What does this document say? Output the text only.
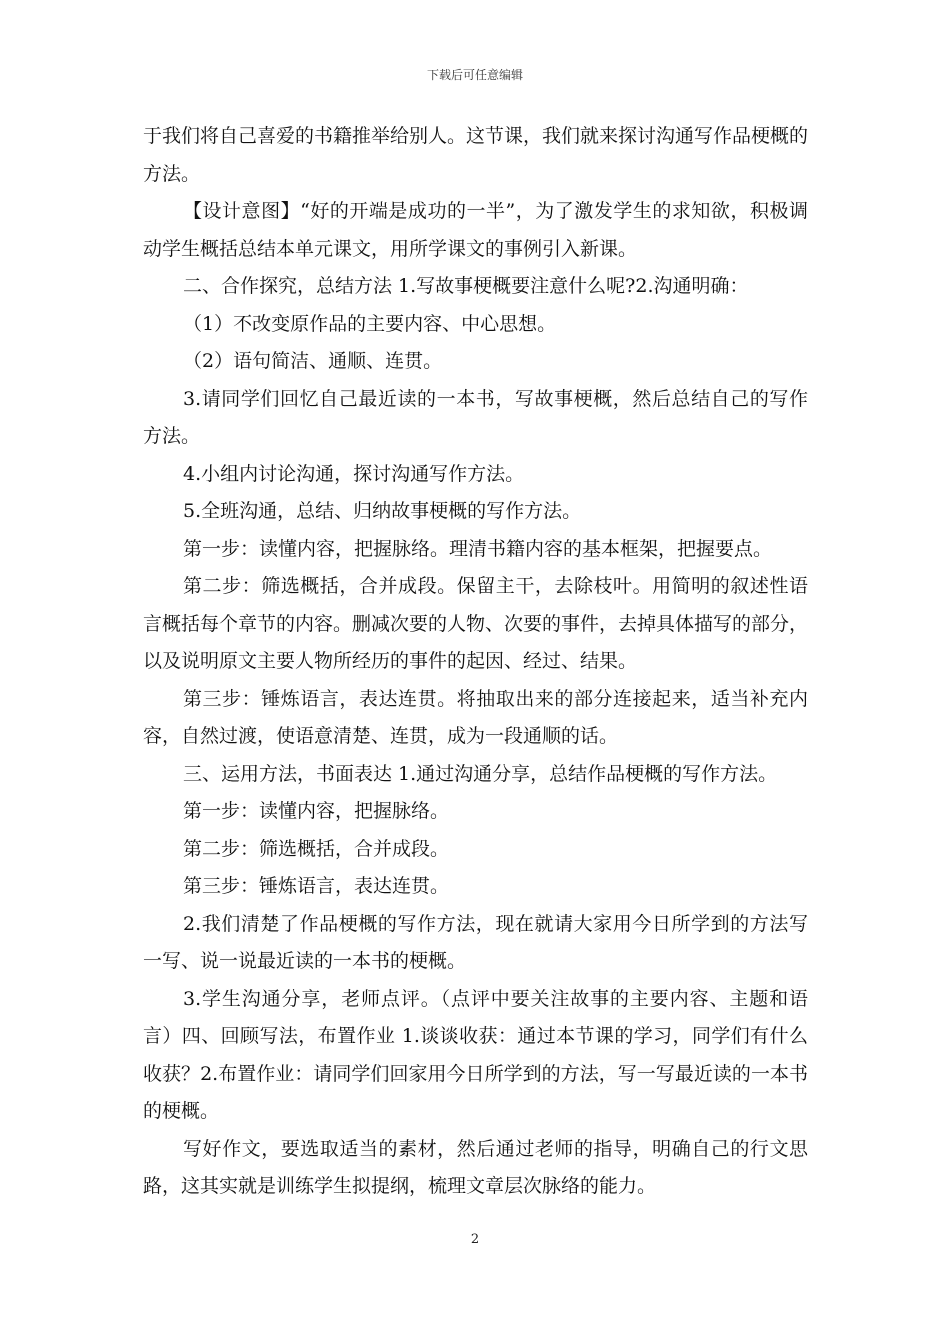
下载后可任意编辑

于我们将自己喜爱的书籍推举给别人。这节课，我们就来探讨沟通写作品梗概的方法。

【设计意图】“好的开端是成功的一半”，为了激发学生的求知欲，积极调动学生概括总结本单元课文，用所学课文的事例引入新课。

二、合作探究，总结方法 1.写故事梗概要注意什么呢?2.沟通明确：

（1）不改变原作品的主要内容、中心思想。

（2）语句简洁、通顺、连贯。

3.请同学们回忆自己最近读的一本书，写故事梗概，然后总结自己的写作方法。

4.小组内讨论沟通，探讨沟通写作方法。

5.全班沟通，总结、归纳故事梗概的写作方法。

第一步：读懂内容，把握脉络。理清书籍内容的基本框架，把握要点。

第二步：筛选概括，合并成段。保留主干，去除枝叶。用简明的叙述性语言概括每个章节的内容。删减次要的人物、次要的事件，去掉具体描写的部分，以及说明原文主要人物所经历的事件的起因、经过、结果。

第三步：锤炼语言，表达连贯。将抽取出来的部分连接起来，适当补充内容，自然过渡，使语意清楚、连贯，成为一段通顺的话。

三、运用方法，书面表达 1.通过沟通分享，总结作品梗概的写作方法。

第一步：读懂内容，把握脉络。

第二步：筛选概括，合并成段。

第三步：锤炼语言，表达连贯。

2.我们清楚了作品梗概的写作方法，现在就请大家用今日所学到的方法写一写、说一说最近读的一本书的梗概。

3.学生沟通分享，老师点评。（点评中要关注故事的主要内容、主题和语言）四、回顾写法，布置作业 1.谈谈收获：通过本节课的学习，同学们有什么收获？2.布置作业：请同学们回家用今日所学到的方法，写一写最近读的一本书的梗概。

写好作文，要选取适当的素材，然后通过老师的指导，明确自己的行文思路，这其实就是训练学生拟提纲，梳理文章层次脉络的能力。

2
